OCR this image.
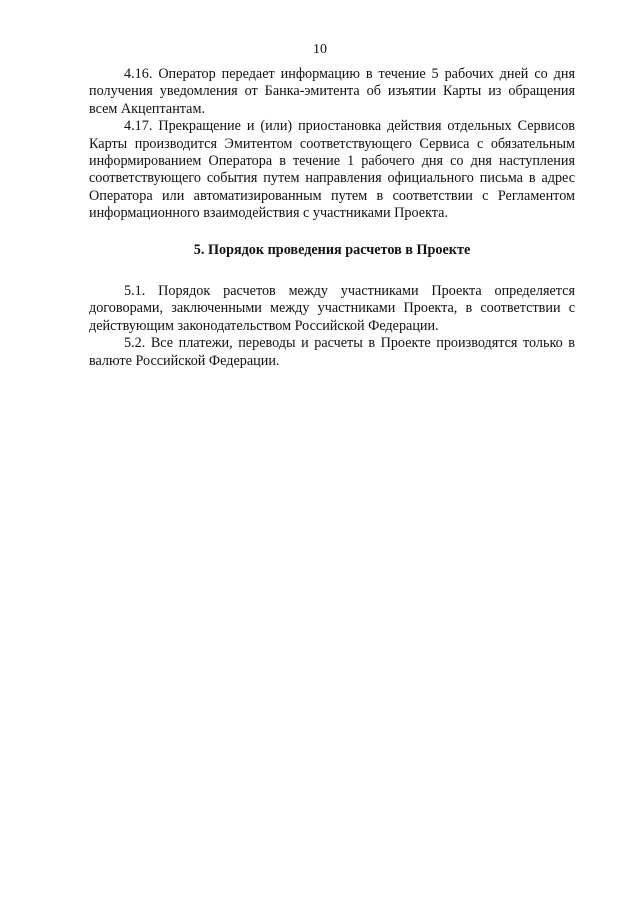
10

4.16. Оператор передает информацию в течение 5 рабочих дней со дня получения уведомления от Банка-эмитента об изъятии Карты из обращения всем Акцептантам.

4.17. Прекращение и (или) приостановка действия отдельных Сервисов Карты производится Эмитентом соответствующего Сервиса с обязательным информированием Оператора в течение 1 рабочего дня со дня наступления соответствующего события путем направления официального письма в адрес Оператора или автоматизированным путем в соответствии с Регламентом информационного взаимодействия с участниками Проекта.

5. Порядок проведения расчетов в Проекте

5.1. Порядок расчетов между участниками Проекта определяется договорами, заключенными между участниками Проекта, в соответствии с действующим законодательством Российской Федерации.

5.2. Все платежи, переводы и расчеты в Проекте производятся только в валюте Российской Федерации.
